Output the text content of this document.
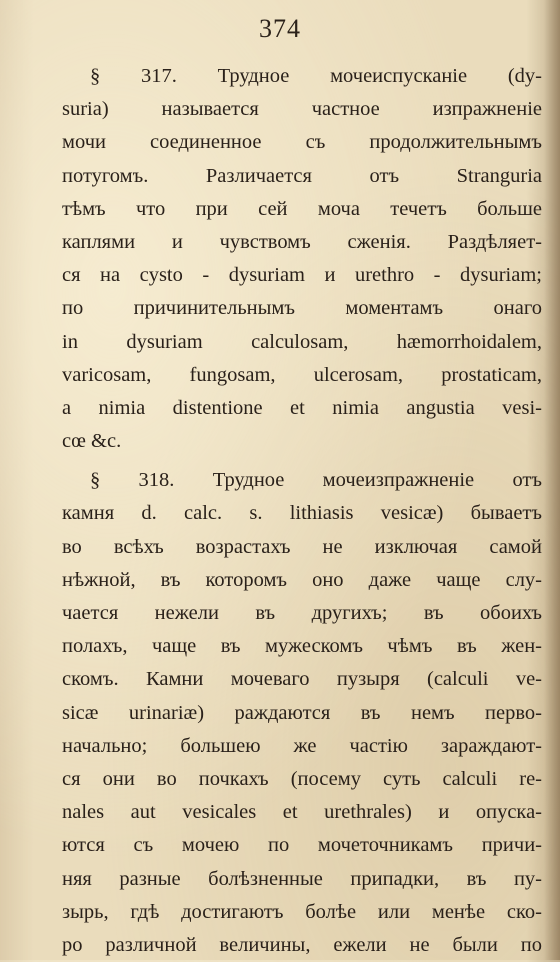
374
§ 317. Трудное мочеиспусканіе (dy-
suria) называется частное изпражненіе
мочи соединенное съ продолжительнымъ
потугомъ. Различается отъ Stranguria
тѣмъ что при сей моча течетъ больше
каплями и чувствомъ сженія. Раздѣляет-
ся на cysto - dysuriam и urethro - dysuriam;
по причинительнымъ моментамъ онаго
in dysuriam calculosam, hæmorrhoidalem,
varicosam, fungosam, ulcerosam, prostaticam,
a nimia distentione et nimia angustia vesi-
cœ &c.
§ 318. Трудное мочеизпражненіе отъ
камня d. calc. s. lithiasis vesicæ) бываетъ
во всѣхъ возрастахъ не изключая самой
нѣжной, въ которомъ оно даже чаще слу-
чается нежели въ другихъ; въ обоихъ
полахъ, чаще въ мужескомъ чѣмъ въ жен-
скомъ. Камни мочеваго пузыря (calculi ve-
sicæ urinariæ) раждаются въ немъ перво-
начально; большею же частію зараждают-
ся они во почкахъ (посему суть calculi re-
nales aut vesicales et urethrales) и опуска-
ются съ мочею по мочеточникамъ причи-
няя разные болѣзненные припадки, въ пу-
зырь, гдѣ достигаютъ болѣе или менѣе ско-
ро различной величины, ежели не были по
